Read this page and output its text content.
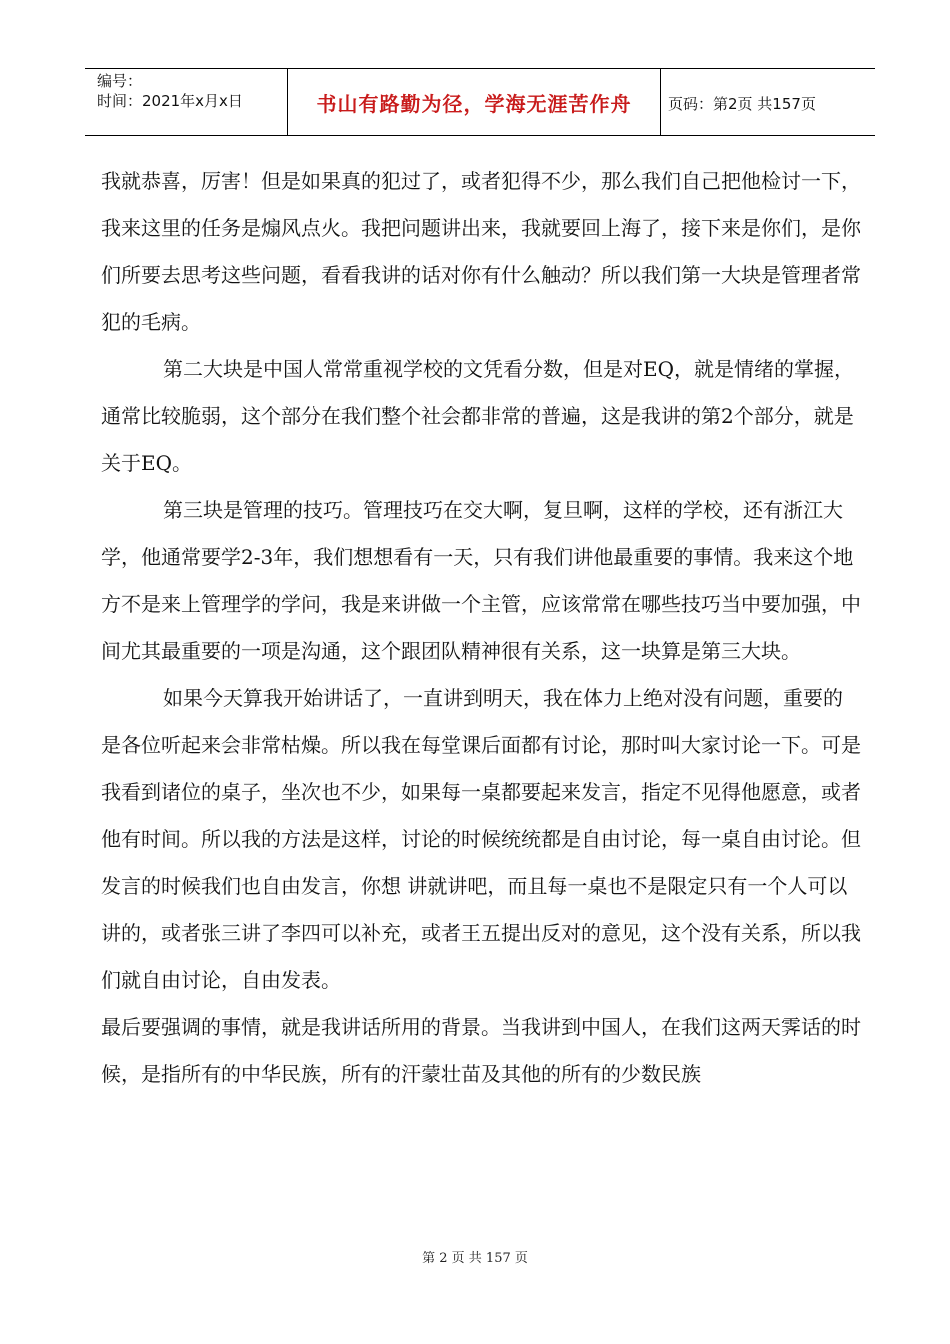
编号：
时间：2021年x月x日	书山有路勤为径，学海无涯苦作舟	页码：第2页 共157页

我就恭喜，厉害！但是如果真的犯过了，或者犯得不少，那么我们自己把他检讨一下，我来这里的任务是煽风点火。我把问题讲出来，我就要回上海了，接下来是你们，是你们所要去思考这些问题，看看我讲的话对你有什么触动？所以我们第一大块是管理者常犯的毛病。

第二大块是中国人常常重视学校的文凭看分数，但是对EQ，就是情绪的掌握，通常比较脆弱，这个部分在我们整个社会都非常的普遍，这是我讲的第2个部分，就是关于EQ。

第三块是管理的技巧。管理技巧在交大啊，复旦啊，这样的学校，还有浙江大学，他通常要学2-3年，我们想想看有一天，只有我们讲他最重要的事情。我来这个地方不是来上管理学的学问，我是来讲做一个主管，应该常常在哪些技巧当中要加强，中间尤其最重要的一项是沟通，这个跟团队精神很有关系，这一块算是第三大块。

如果今天算我开始讲话了，一直讲到明天，我在体力上绝对没有问题，重要的是各位听起来会非常枯燥。所以我在每堂课后面都有讨论，那时叫大家讨论一下。可是我看到诸位的桌子，坐次也不少，如果每一桌都要起来发言，指定不见得他愿意，或者他有时间。所以我的方法是这样，讨论的时候统统都是自由讨论，每一桌自由讨论。但发言的时候我们也自由发言，你想 讲就讲吧，而且每一桌也不是限定只有一个人可以讲的，或者张三讲了李四可以补充，或者王五提出反对的意见，这个没有关系，所以我们就自由讨论，自由发表。

最后要强调的事情，就是我讲话所用的背景。当我讲到中国人，在我们这两天霁话的时候，是指所有的中华民族，所有的汗蒙壮苗及其他的所有的少数民族

第 2 页 共 157 页
